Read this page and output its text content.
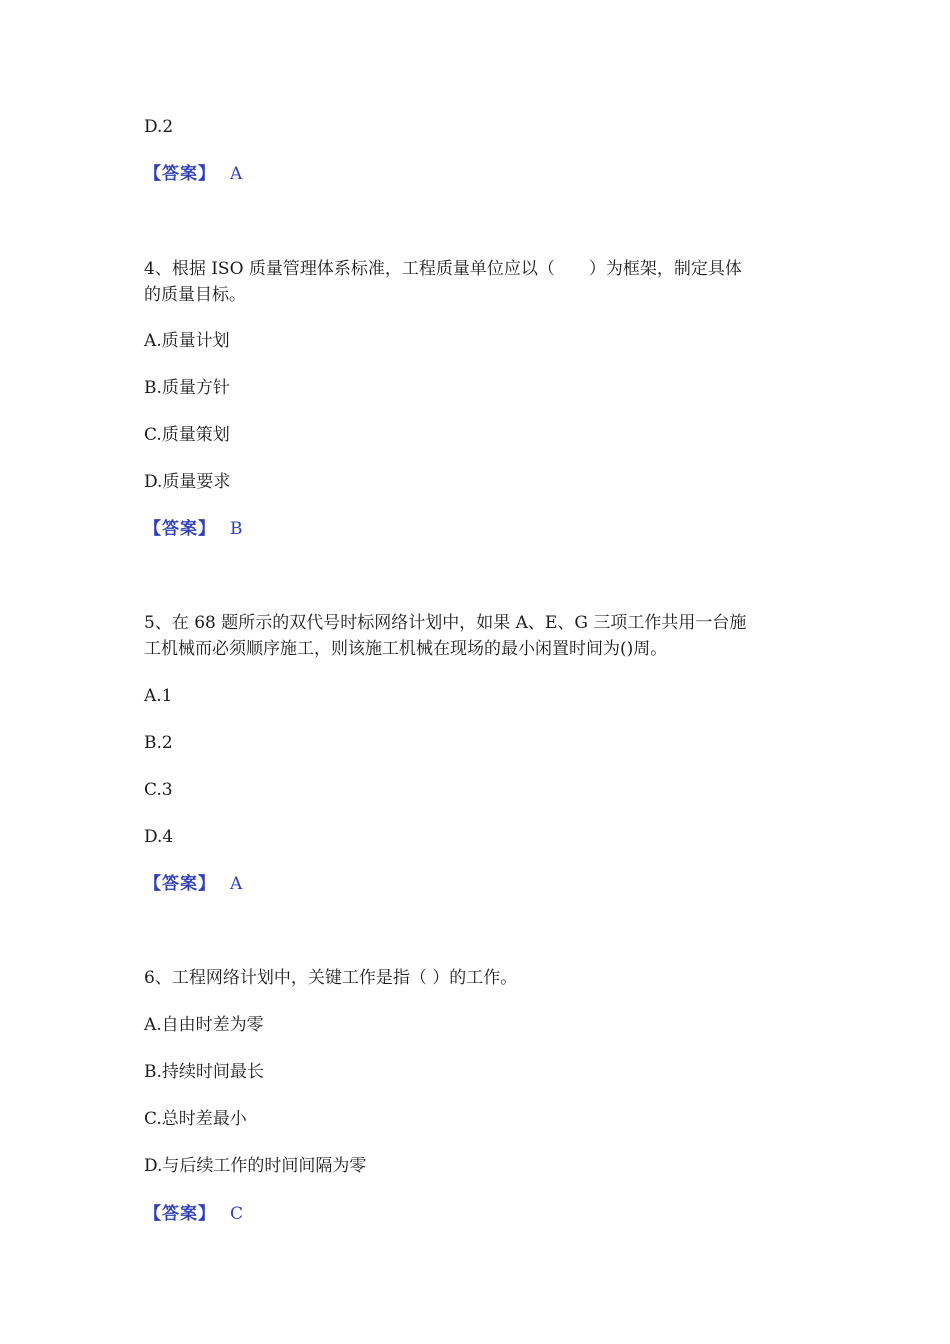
D.2
【答案】 A
4、根据 ISO 质量管理体系标准，工程质量单位应以（　　）为框架，制定具体
的质量目标。
A.质量计划
B.质量方针
C.质量策划
D.质量要求
【答案】 B
5、在 68 题所示的双代号时标网络计划中，如果 A、E、G 三项工作共用一台施
工机械而必须顺序施工，则该施工机械在现场的最小闲置时间为()周。
A.1
B.2
C.3
D.4
【答案】 A
6、工程网络计划中，关键工作是指（ ）的工作。
A.自由时差为零
B.持续时间最长
C.总时差最小
D.与后续工作的时间间隔为零
【答案】 C
